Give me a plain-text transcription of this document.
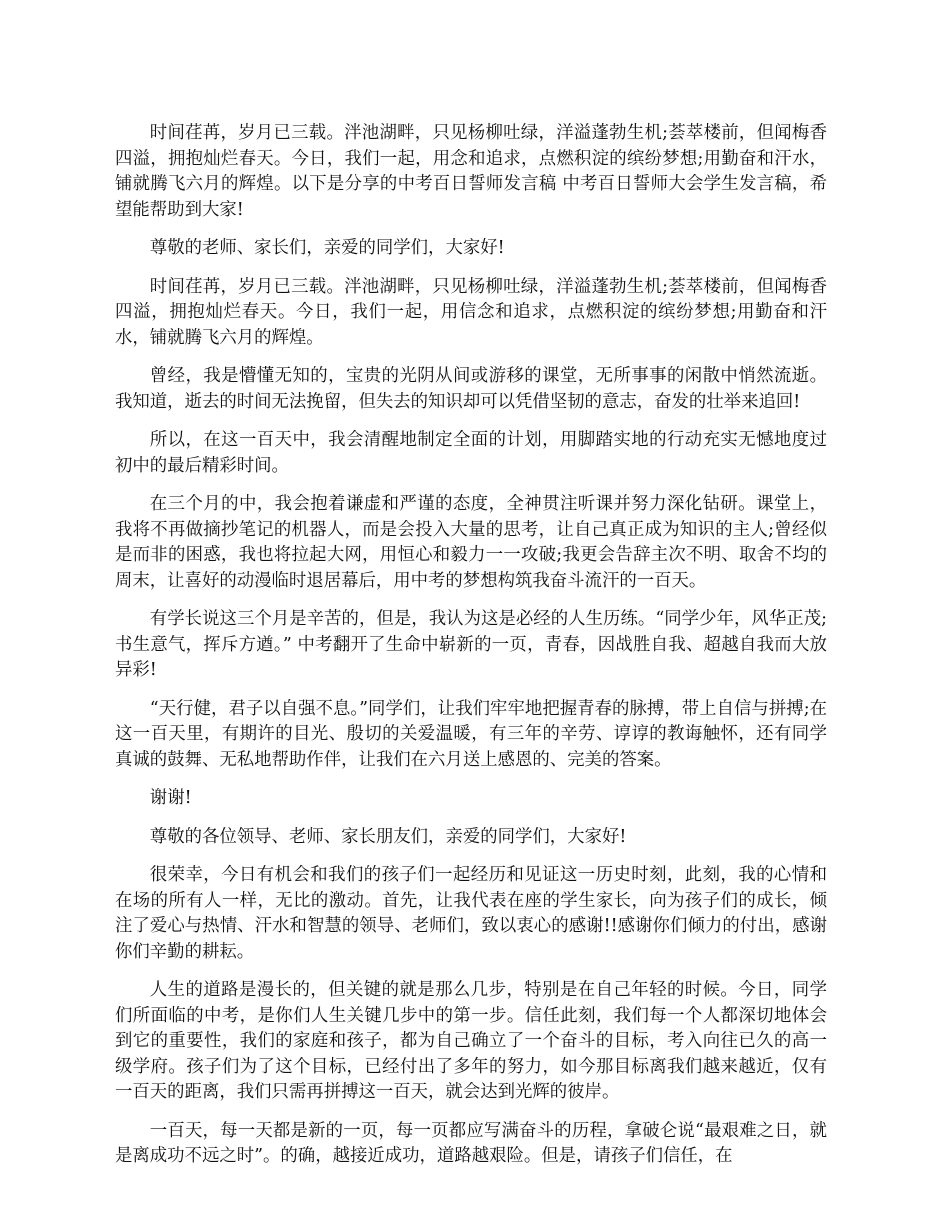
时间荏苒，岁月已三载。泮池湖畔，只见杨柳吐绿，洋溢蓬勃生机;荟萃楼前，但闻梅香四溢，拥抱灿烂春天。今日，我们一起，用念和追求，点燃积淀的缤纷梦想;用勤奋和汗水，铺就腾飞六月的辉煌。以下是分享的中考百日誓师发言稿 中考百日誓师大会学生发言稿，希望能帮助到大家!

尊敬的老师、家长们，亲爱的同学们，大家好!

时间荏苒，岁月已三载。泮池湖畔，只见杨柳吐绿，洋溢蓬勃生机;荟萃楼前，但闻梅香四溢，拥抱灿烂春天。今日，我们一起，用信念和追求，点燃积淀的缤纷梦想;用勤奋和汗水，铺就腾飞六月的辉煌。

曾经，我是懵懂无知的，宝贵的光阴从间或游移的课堂，无所事事的闲散中悄然流逝。我知道，逝去的时间无法挽留，但失去的知识却可以凭借坚韧的意志，奋发的壮举来追回!

所以，在这一百天中，我会清醒地制定全面的计划，用脚踏实地的行动充实无憾地度过初中的最后精彩时间。

在三个月的中，我会抱着谦虚和严谨的态度，全神贯注听课并努力深化钻研。课堂上，我将不再做摘抄笔记的机器人，而是会投入大量的思考，让自己真正成为知识的主人;曾经似是而非的困惑，我也将拉起大网，用恒心和毅力一一攻破;我更会告辞主次不明、取舍不均的周末，让喜好的动漫临时退居幕后，用中考的梦想构筑我奋斗流汗的一百天。

有学长说这三个月是辛苦的，但是，我认为这是必经的人生历练。“同学少年，风华正茂;书生意气，挥斥方遒。” 中考翻开了生命中崭新的一页，青春，因战胜自我、超越自我而大放异彩!

“天行健，君子以自强不息。”同学们，让我们牢牢地把握青春的脉搏，带上自信与拼搏;在这一百天里，有期许的目光、殷切的关爱温暖，有三年的辛劳、谆谆的教诲触怀，还有同学真诚的鼓舞、无私地帮助作伴，让我们在六月送上感恩的、完美的答案。

谢谢!

尊敬的各位领导、老师、家长朋友们，亲爱的同学们，大家好!

很荣幸，今日有机会和我们的孩子们一起经历和见证这一历史时刻，此刻，我的心情和在场的所有人一样，无比的激动。首先，让我代表在座的学生家长，向为孩子们的成长，倾注了爱心与热情、汗水和智慧的领导、老师们，致以衷心的感谢!!感谢你们倾力的付出，感谢你们辛勤的耕耘。

人生的道路是漫长的，但关键的就是那么几步，特别是在自己年轻的时候。今日，同学们所面临的中考，是你们人生关键几步中的第一步。信任此刻，我们每一个人都深切地体会到它的重要性，我们的家庭和孩子，都为自己确立了一个奋斗的目标，考入向往已久的高一级学府。孩子们为了这个目标，已经付出了多年的努力，如今那目标离我们越来越近，仅有一百天的距离，我们只需再拼搏这一百天，就会达到光辉的彼岸。

一百天，每一天都是新的一页，每一页都应写满奋斗的历程，拿破仑说“最艰难之日，就是离成功不远之时”。的确，越接近成功，道路越艰险。但是，请孩子们信任，在
